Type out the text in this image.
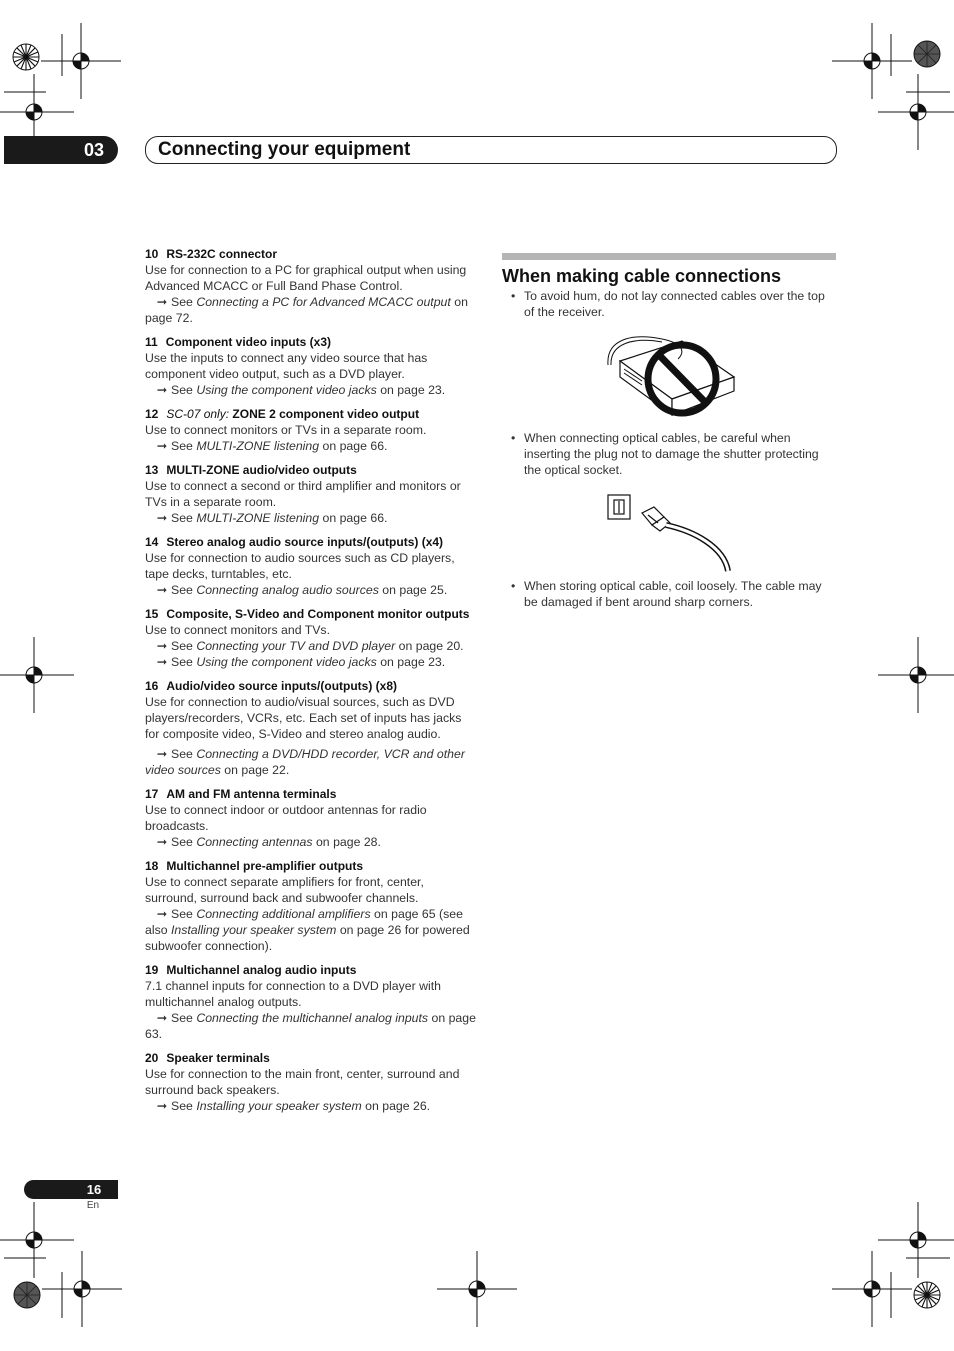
03	Connecting your equipment
10 RS-232C connector
Use for connection to a PC for graphical output when using Advanced MCACC or Full Band Phase Control.
➞ See Connecting a PC for Advanced MCACC output on page 72.
11 Component video inputs (x3)
Use the inputs to connect any video source that has component video output, such as a DVD player.
➞ See Using the component video jacks on page 23.
12 SC-07 only: ZONE 2 component video output
Use to connect monitors or TVs in a separate room.
➞ See MULTI-ZONE listening on page 66.
13 MULTI-ZONE audio/video outputs
Use to connect a second or third amplifier and monitors or TVs in a separate room.
➞ See MULTI-ZONE listening on page 66.
14 Stereo analog audio source inputs/(outputs) (x4)
Use for connection to audio sources such as CD players, tape decks, turntables, etc.
➞ See Connecting analog audio sources on page 25.
15 Composite, S-Video and Component monitor outputs
Use to connect monitors and TVs.
➞ See Connecting your TV and DVD player on page 20.
➞ See Using the component video jacks on page 23.
16 Audio/video source inputs/(outputs) (x8)
Use for connection to audio/visual sources, such as DVD players/recorders, VCRs, etc. Each set of inputs has jacks for composite video, S-Video and stereo analog audio.
➞ See Connecting a DVD/HDD recorder, VCR and other video sources on page 22.
17 AM and FM antenna terminals
Use to connect indoor or outdoor antennas for radio broadcasts.
➞ See Connecting antennas on page 28.
18 Multichannel pre-amplifier outputs
Use to connect separate amplifiers for front, center, surround, surround back and subwoofer channels.
➞ See Connecting additional amplifiers on page 65 (see also Installing your speaker system on page 26 for powered subwoofer connection).
19 Multichannel analog audio inputs
7.1 channel inputs for connection to a DVD player with multichannel analog outputs.
➞ See Connecting the multichannel analog inputs on page 63.
20 Speaker terminals
Use for connection to the main front, center, surround and surround back speakers.
➞ See Installing your speaker system on page 26.
When making cable connections
• To avoid hum, do not lay connected cables over the top of the receiver.
• When connecting optical cables, be careful when inserting the plug not to damage the shutter protecting the optical socket.
• When storing optical cable, coil loosely. The cable may be damaged if bent around sharp corners.
16
En
